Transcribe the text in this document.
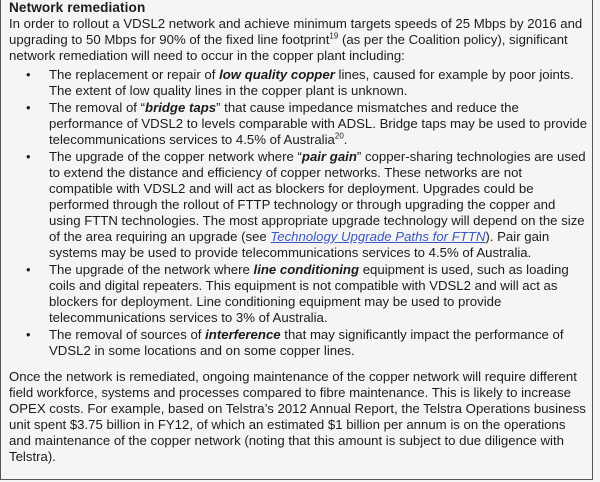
Network remediation

In order to rollout a VDSL2 network and achieve minimum targets speeds of 25 Mbps by 2016 and upgrading to 50 Mbps for 90% of the fixed line footprint$^{19}$ (as per the Coalition policy), significant network remediation will need to occur in the copper plant including:

• The replacement or repair of low quality copper lines, caused for example by poor joints. The extent of low quality lines in the copper plant is unknown.
• The removal of “bridge taps” that cause impedance mismatches and reduce the performance of VDSL2 to levels comparable with ADSL. Bridge taps may be used to provide telecommunications services to 4.5% of Australia$^{20}$.
• The upgrade of the copper network where “pair gain” copper-sharing technologies are used to extend the distance and efficiency of copper networks. These networks are not compatible with VDSL2 and will act as blockers for deployment. Upgrades could be performed through the rollout of FTTP technology or through upgrading the copper and using FTTN technologies. The most appropriate upgrade technology will depend on the size of the area requiring an upgrade (see Technology Upgrade Paths for FTTN). Pair gain systems may be used to provide telecommunications services to 4.5% of Australia.
• The upgrade of the network where line conditioning equipment is used, such as loading coils and digital repeaters. This equipment is not compatible with VDSL2 and will act as blockers for deployment. Line conditioning equipment may be used to provide telecommunications services to 3% of Australia.
• The removal of sources of interference that may significantly impact the performance of VDSL2 in some locations and on some copper lines.

Once the network is remediated, ongoing maintenance of the copper network will require different field workforce, systems and processes compared to fibre maintenance. This is likely to increase OPEX costs. For example, based on Telstra’s 2012 Annual Report, the Telstra Operations business unit spent $3.75 billion in FY12, of which an estimated $1 billion per annum is on the operations and maintenance of the copper network (noting that this amount is subject to due diligence with Telstra).
